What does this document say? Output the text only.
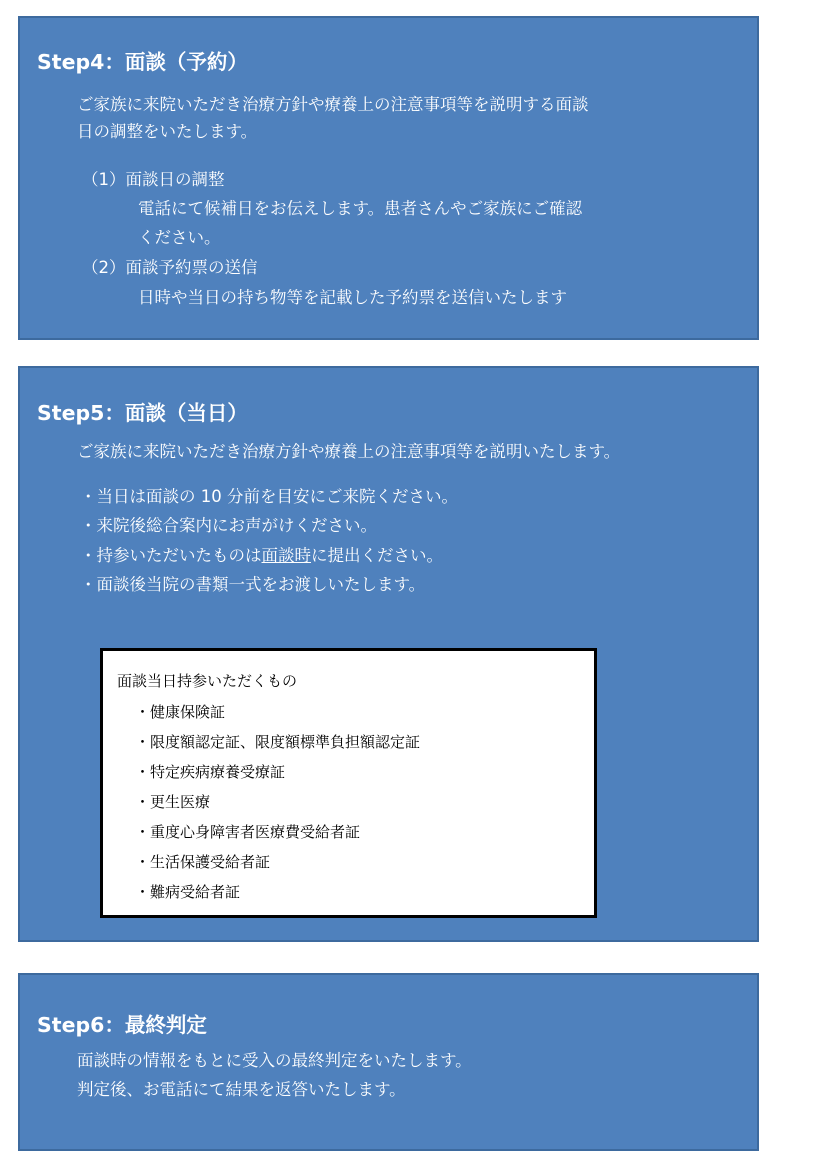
Step4：面談（予約）
ご家族に来院いただき治療方針や療養上の注意事項等を説明する面談
日の調整をいたします。
（1）面談日の調整
電話にて候補日をお伝えします。患者さんやご家族にご確認
ください。
（2）面談予約票の送信
日時や当日の持ち物等を記載した予約票を送信いたします
Step5：面談（当日）
ご家族に来院いただき治療方針や療養上の注意事項等を説明いたします。
・当日は面談の 10 分前を目安にご来院ください。
・来院後総合案内にお声がけください。
・持参いただいたものは面談時に提出ください。
・面談後当院の書類一式をお渡しいたします。
面談当日持参いただくもの
・健康保険証
・限度額認定証、限度額標準負担額認定証
・特定疾病療養受療証
・更生医療
・重度心身障害者医療費受給者証
・生活保護受給者証
・難病受給者証
Step6：最終判定
面談時の情報をもとに受入の最終判定をいたします。
判定後、お電話にて結果を返答いたします。
